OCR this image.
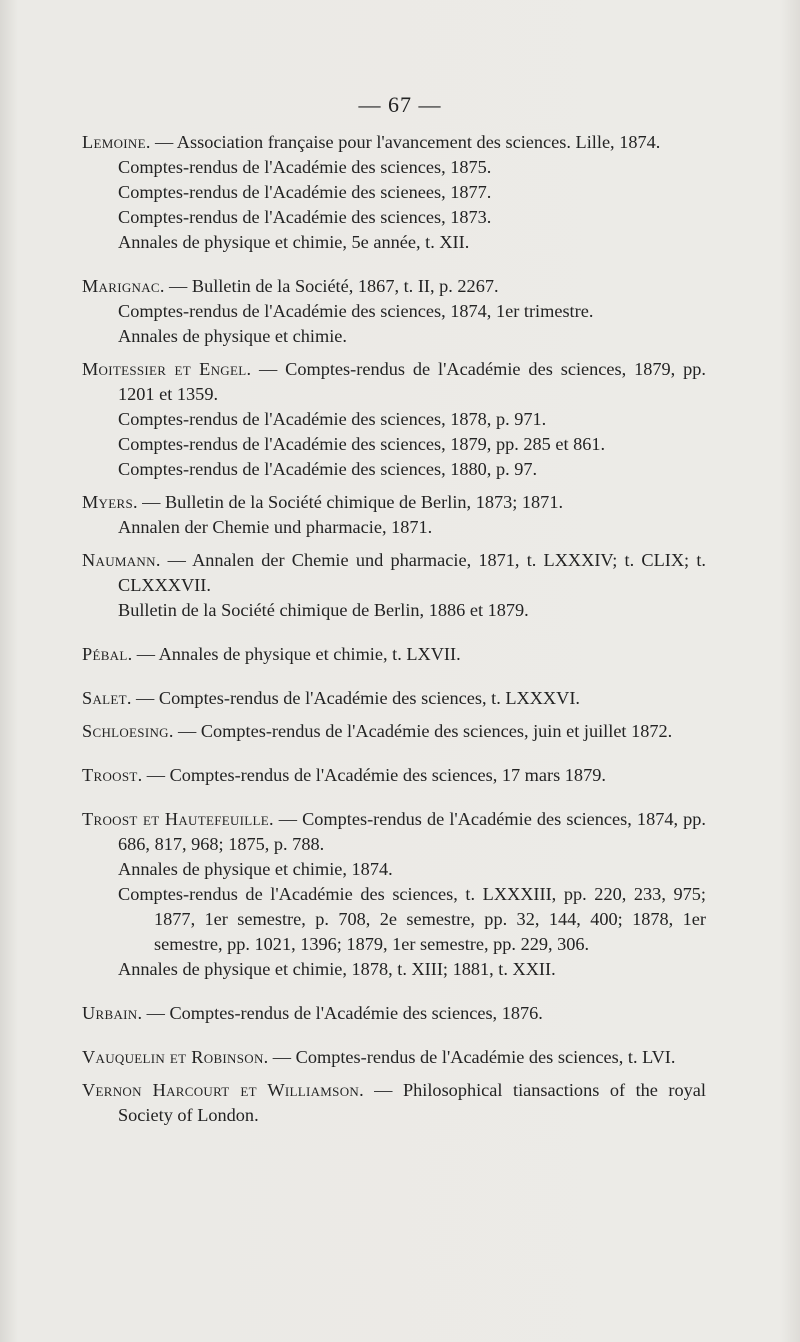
— 67 —
Lemoine. — Association française pour l'avancement des sciences. Lille, 1874.
Comptes-rendus de l'Académie des sciences, 1875.
Comptes-rendus de l'Académie des scienees, 1877.
Comptes-rendus de l'Académie des sciences, 1873.
Annales de physique et chimie, 5e année, t. XII.
Marignac. — Bulletin de la Société, 1867, t. II, p. 2267.
Comptes-rendus de l'Académie des sciences, 1874, 1er trimestre.
Annales de physique et chimie.
Moitessier et Engel. — Comptes-rendus de l'Académie des sciences, 1879, pp. 1201 et 1359.
Comptes-rendus de l'Académie des sciences, 1878, p. 971.
Comptes-rendus de l'Académie des sciences, 1879, pp. 285 et 861.
Comptes-rendus de l'Académie des sciences, 1880, p. 97.
Myers. — Bulletin de la Société chimique de Berlin, 1873; 1871.
Annalen der Chemie und pharmacie, 1871.
Naumann. — Annalen der Chemie und pharmacie, 1871, t. LXXXIV; t. CLIX; t. CLXXXVII.
Bulletin de la Société chimique de Berlin, 1886 et 1879.
Pébal. — Annales de physique et chimie, t. LXVII.
Salet. — Comptes-rendus de l'Académie des sciences, t. LXXXVI.
Schloesing. — Comptes-rendus de l'Académie des sciences, juin et juillet 1872.
Troost. — Comptes-rendus de l'Académie des sciences, 17 mars 1879.
Troost et Hautefeuille. — Comptes-rendus de l'Académie des sciences, 1874, pp. 686, 817, 968; 1875, p. 788.
Annales de physique et chimie, 1874.
Comptes-rendus de l'Académie des sciences, t. LXXXIII, pp. 220, 233, 975; 1877, 1er semestre, p. 708, 2e semestre, pp. 32, 144, 400; 1878, 1er semestre, pp. 1021, 1396; 1879, 1er semestre, pp. 229, 306.
Annales de physique et chimie, 1878, t. XIII; 1881, t. XXII.
Urbain. — Comptes-rendus de l'Académie des sciences, 1876.
Vauquelin et Robinson. — Comptes-rendus de l'Académie des sciences, t. LVI.
Vernon Harcourt et Williamson. — Philosophical tiansactions of the royal Society of London.
